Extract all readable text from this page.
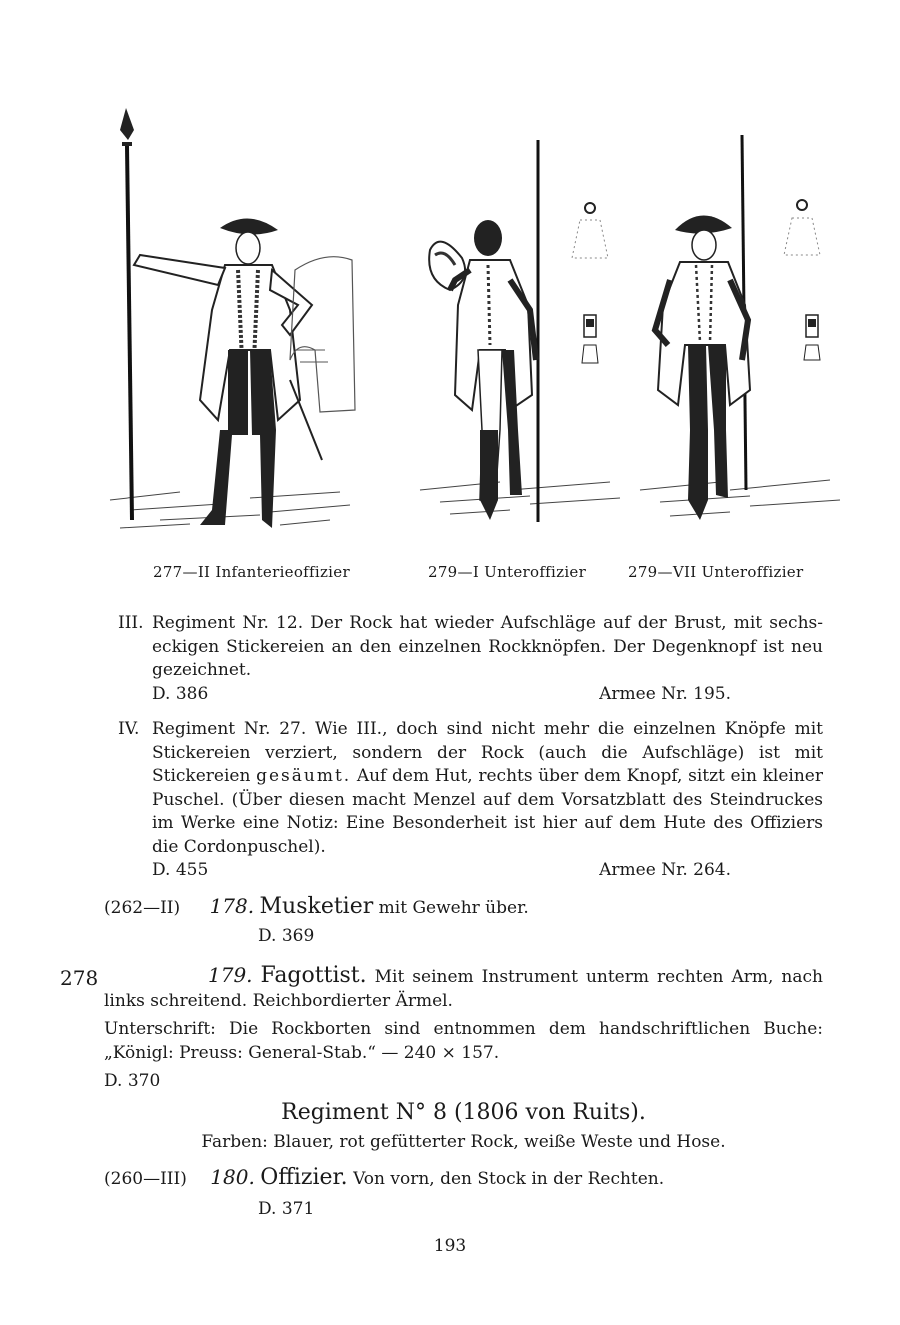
277—II Infanterieoffizier	279—I Unteroffizier	279—VII Unteroffizier
III. Regiment Nr. 12. Der Rock hat wieder Aufschläge auf der Brust, mit sechs-eckigen Stickereien an den einzelnen Rockknöpfen. Der Degenknopf ist neu gezeichnet.
D. 386	Armee Nr. 195.
IV. Regiment Nr. 27. Wie III., doch sind nicht mehr die einzelnen Knöpfe mit Stickereien verziert, sondern der Rock (auch die Aufschläge) ist mit Stickereien gesäumt. Auf dem Hut, rechts über dem Knopf, sitzt ein kleiner Puschel. (Über diesen macht Menzel auf dem Vorsatzblatt des Steindruckes im Werke eine Notiz: Eine Besonderheit ist hier auf dem Hute des Offiziers die Cordonpuschel).
D. 455	Armee Nr. 264.
(262—II) 178. Musketier mit Gewehr über.
D. 369
278	179. Fagottist. Mit seinem Instrument unterm rechten Arm, nach links schreitend. Reichbordierter Ärmel.
Unterschrift: Die Rockborten sind entnommen dem handschriftlichen Buche: „Königl: Preuss: General-Stab.“ — 240 × 157.
D. 370
Regiment N° 8 (1806 von Ruits).
Farben: Blauer, rot gefütterter Rock, weiße Weste und Hose.
(260—III) 180. Offizier. Von vorn, den Stock in der Rechten.
D. 371
193
